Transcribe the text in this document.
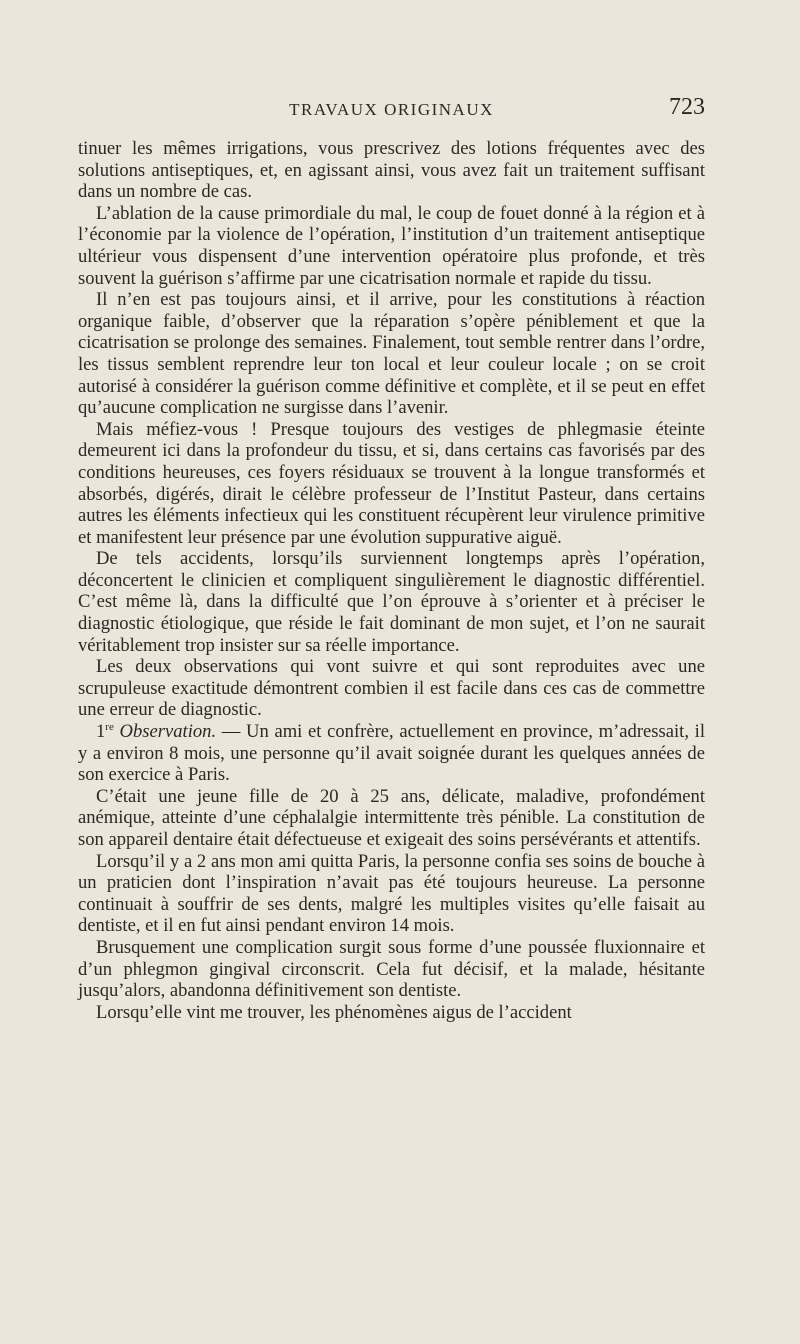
TRAVAUX ORIGINAUX	723

tinuer les mêmes irrigations, vous prescrivez des lotions fréquentes avec des solutions antiseptiques, et, en agissant ainsi, vous avez fait un traitement suffisant dans un nombre de cas.

L’ablation de la cause primordiale du mal, le coup de fouet donné à la région et à l’économie par la violence de l’opération, l’institution d’un traitement antiseptique ultérieur vous dispensent d’une intervention opératoire plus profonde, et très souvent la guérison s’affirme par une cicatrisation normale et rapide du tissu.

Il n’en est pas toujours ainsi, et il arrive, pour les constitutions à réaction organique faible, d’observer que la réparation s’opère péniblement et que la cicatrisation se prolonge des semaines. Finalement, tout semble rentrer dans l’ordre, les tissus semblent reprendre leur ton local et leur couleur locale ; on se croit autorisé à considérer la guérison comme définitive et complète, et il se peut en effet qu’aucune complication ne surgisse dans l’avenir.

Mais méfiez-vous ! Presque toujours des vestiges de phlegmasie éteinte demeurent ici dans la profondeur du tissu, et si, dans certains cas favorisés par des conditions heureuses, ces foyers résiduaux se trouvent à la longue transformés et absorbés, digérés, dirait le célèbre professeur de l’Institut Pasteur, dans certains autres les éléments infectieux qui les constituent récupèrent leur virulence primitive et manifestent leur présence par une évolution suppurative aiguë.

De tels accidents, lorsqu’ils surviennent longtemps après l’opération, déconcertent le clinicien et compliquent singulièrement le diagnostic différentiel. C’est même là, dans la difficulté que l’on éprouve à s’orienter et à préciser le diagnostic étiologique, que réside le fait dominant de mon sujet, et l’on ne saurait véritablement trop insister sur sa réelle importance.

Les deux observations qui vont suivre et qui sont reproduites avec une scrupuleuse exactitude démontrent combien il est facile dans ces cas de commettre une erreur de diagnostic.

1re Observation. — Un ami et confrère, actuellement en province, m’adressait, il y a environ 8 mois, une personne qu’il avait soignée durant les quelques années de son exercice à Paris.

C’était une jeune fille de 20 à 25 ans, délicate, maladive, profondément anémique, atteinte d’une céphalalgie intermittente très pénible. La constitution de son appareil dentaire était défectueuse et exigeait des soins persévérants et attentifs.

Lorsqu’il y a 2 ans mon ami quitta Paris, la personne confia ses soins de bouche à un praticien dont l’inspiration n’avait pas été toujours heureuse. La personne continuait à souffrir de ses dents, malgré les multiples visites qu’elle faisait au dentiste, et il en fut ainsi pendant environ 14 mois.

Brusquement une complication surgit sous forme d’une poussée fluxionnaire et d’un phlegmon gingival circonscrit. Cela fut décisif, et la malade, hésitante jusqu’alors, abandonna définitivement son dentiste.

Lorsqu’elle vint me trouver, les phénomènes aigus de l’accident
